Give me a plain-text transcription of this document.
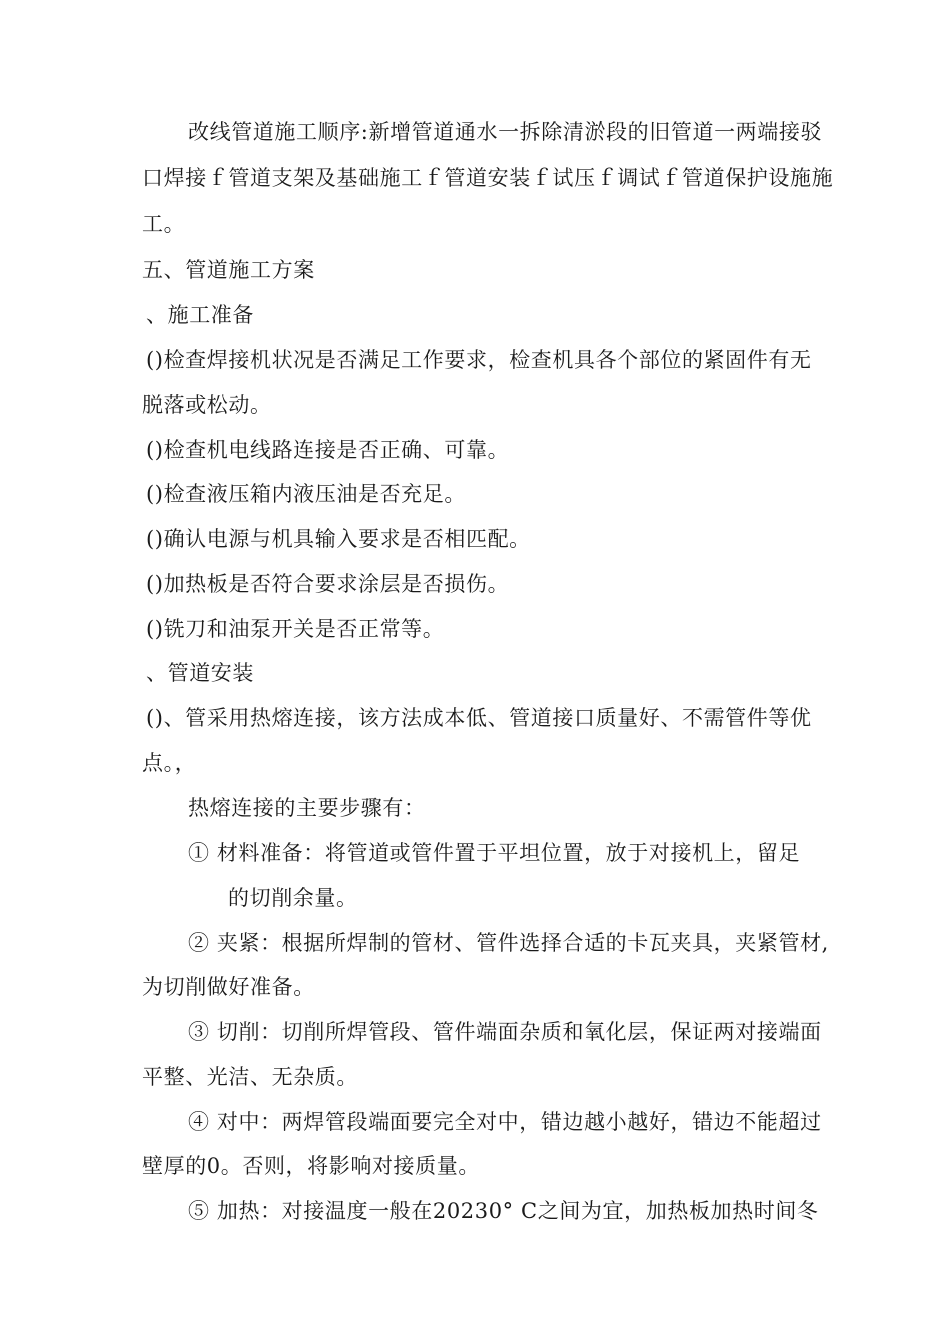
改线管道施工顺序:新增管道通水一拆除清淤段的旧管道一两端接驳
口焊接ｆ管道支架及基础施工ｆ管道安装ｆ试压ｆ调试ｆ管道保护设施施
工。
五、管道施工方案
、施工准备
()检查焊接机状况是否满足工作要求，检查机具各个部位的紧固件有无
脱落或松动。
()检查机电线路连接是否正确、可靠。
()检查液压箱内液压油是否充足。
()确认电源与机具输入要求是否相匹配。
()加热板是否符合要求涂层是否损伤。
()铣刀和油泵开关是否正常等。
、管道安装
()、管采用热熔连接，该方法成本低、管道接口质量好、不需管件等优
点。，
热熔连接的主要步骤有：
① 材料准备：将管道或管件置于平坦位置，放于对接机上，留足
的切削余量。
② 夹紧：根据所焊制的管材、管件选择合适的卡瓦夹具，夹紧管材,
为切削做好准备。
③ 切削：切削所焊管段、管件端面杂质和氧化层，保证两对接端面
平整、光洁、无杂质。
④ 对中：两焊管段端面要完全对中，错边越小越好，错边不能超过
壁厚的0。否则，将影响对接质量。
⑤ 加热：对接温度一般在20230° C之间为宜，加热板加热时间冬
